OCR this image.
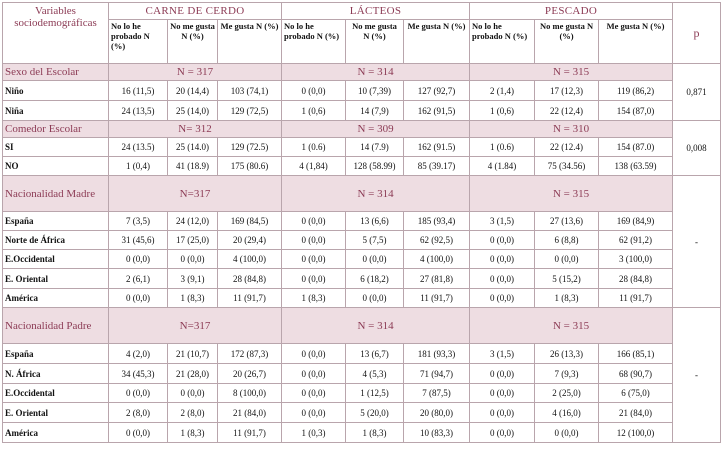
Variables sociodemográficas	CARNE DE CERDO			LÁCTEOS			PESCADO			p
	No lo he probado N (%)	No me gusta N (%)	Me gusta N (%)	No lo he probado N (%)	No me gusta N (%)	Me gusta N (%)	No lo he probado N (%)	No me gusta N (%)	Me gusta N (%)	
Sexo del Escolar	N = 317			N = 314			N = 315			0,871
Niño	16 (11,5)	20 (14,4)	103 (74,1)	0 (0,0)	10 (7,39)	127 (92,7)	2 (1,4)	17 (12,3)	119 (86,2)	
Niña	24 (13,5)	25 (14,0)	129 (72,5)	1 (0,6)	14 (7,9)	162 (91,5)	1 (0,6)	22 (12,4)	154 (87,0)	
Comedor Escolar	N= 312			N = 309			N = 310			0,008
SI	24 (13.5)	25 (14.0)	129 (72.5)	1 (0.6)	14 (7.9)	162 (91.5)	1 (0.6)	22 (12.4)	154 (87.0)	
NO	1 (0,4)	41 (18.9)	175 (80.6)	4 (1,84)	128 (58.99)	85 (39.17)	4 (1.84)	75 (34.56)	138 (63.59)	
Nacionalidad Madre	N=317			N = 314			N = 315			-
España	7 (3,5)	24 (12,0)	169 (84,5)	0 (0,0)	13 (6,6)	185 (93,4)	3 (1,5)	27 (13,6)	169 (84,9)	
Norte de África	31 (45,6)	17 (25,0)	20 (29,4)	0 (0,0)	5 (7,5)	62 (92,5)	0 (0,0)	6 (8,8)	62 (91,2)	
E.Occidental	0 (0,0)	0 (0,0)	4 (100,0)	0 (0,0)	0 (0,0)	4 (100,0)	0 (0,0)	0 (0,0)	3 (100,0)	
E. Oriental	2 (6,1)	3 (9,1)	28 (84,8)	0 (0,0)	6 (18,2)	27 (81,8)	0 (0,0)	5 (15,2)	28 (84,8)	
América	0 (0,0)	1 (8,3)	11 (91,7)	1 (8,3)	0 (0,0)	11 (91,7)	0 (0,0)	1 (8,3)	11 (91,7)	
Nacionalidad Padre	N=317			N = 314			N = 315			-
España	4 (2,0)	21 (10,7)	172 (87,3)	0 (0,0)	13 (6,7)	181 (93,3)	3 (1,5)	26 (13,3)	166 (85,1)	
N. África	34 (45,3)	21 (28,0)	20 (26,7)	0 (0,0)	4 (5,3)	71 (94,7)	0 (0,0)	7 (9,3)	68 (90,7)	
E.Occidental	0 (0,0)	0 (0,0)	8 (100,0)	0 (0,0)	1 (12,5)	7 (87,5)	0 (0,0)	2 (25,0)	6 (75,0)	
E. Oriental	2 (8,0)	2 (8,0)	21 (84,0)	0 (0,0)	5 (20,0)	20 (80,0)	0 (0,0)	4 (16,0)	21 (84,0)	
América	0 (0,0)	1 (8,3)	11 (91,7)	1 (0,3)	1 (8,3)	10 (83,3)	0 (0,0)	0 (0,0)	12 (100,0)	
